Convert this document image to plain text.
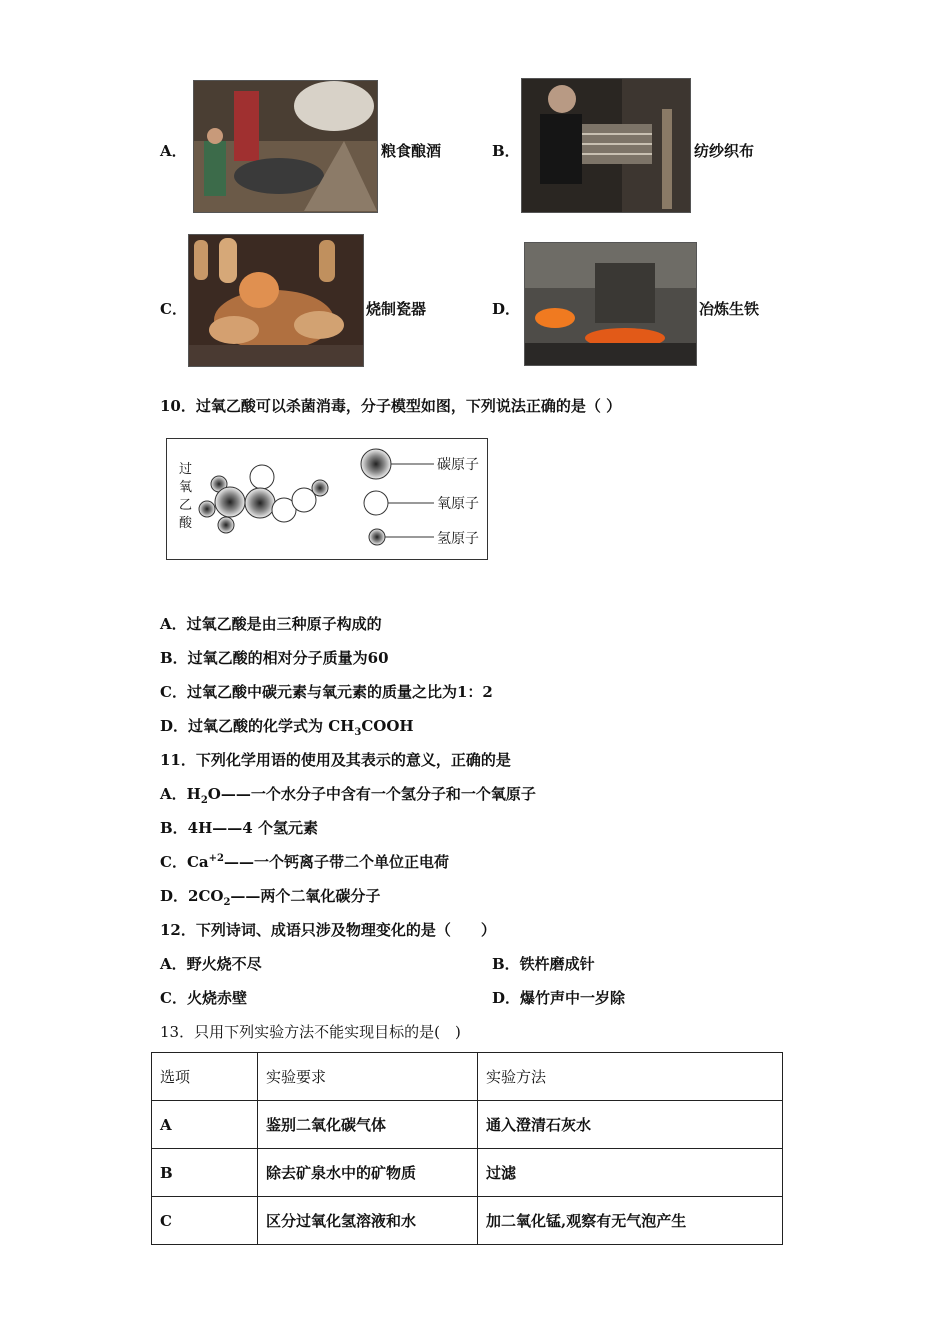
A．	粮食酿酒	B．	纺纱织布
C．	烧制瓷器	D．	冶炼生铁
10．过氧乙酸可以杀菌消毒，分子模型如图，下列说法正确的是（ ）
过
氧
乙
酸
碳原子
氧原子
氢原子
A．过氧乙酸是由三种原子构成的
B．过氧乙酸的相对分子质量为60
C．过氧乙酸中碳元素与氧元素的质量之比为1：2
D．过氧乙酸的化学式为 $CH_3COOH$
11．下列化学用语的使用及其表示的意义，正确的是
A．$H_2O——$一个水分子中含有一个氢分子和一个氧原子
B．4H——4 个氢元素
C．$Ca^{+2}——$一个钙离子带二个单位正电荷
D．$2CO_2——$两个二氧化碳分子
12．下列诗词、成语只涉及物理变化的是（　　）
A．野火烧不尽	B．铁杵磨成针
C．火烧赤壁	D．爆竹声中一岁除
13．只用下列实验方法不能实现目标的是(　)
选项	实验要求	实验方法
A	鉴别二氧化碳气体	通入澄清石灰水
B	除去矿泉水中的矿物质	过滤
C	区分过氧化氢溶液和水	加二氧化锰,观察有无气泡产生
